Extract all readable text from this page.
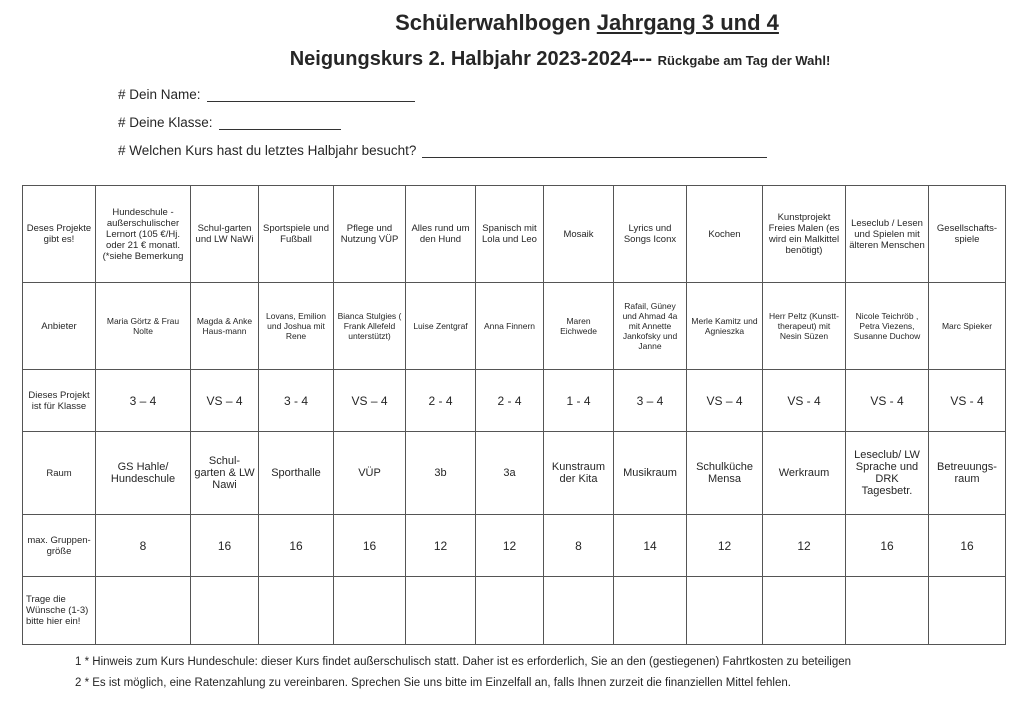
Schülerwahlbogen Jahrgang 3 und 4
Neigungskurs 2. Halbjahr 2023-2024--- Rückgabe am Tag der Wahl!
# Dein Name:
# Deine Klasse:
# Welchen Kurs hast du letztes Halbjahr besucht?
Deses Projekte gibt es!	Hundeschule - außerschulischer Lernort (105 €/Hj. oder 21 € monatl. (*siehe Bemerkung	Schul-garten und LW NaWi	Sportspiele und Fußball	Pflege und Nutzung VÜP	Alles rund um den Hund	Spanisch mit Lola und Leo	Mosaik	Lyrics und Songs Iconx	Kochen	Kunstprojekt Freies Malen (es wird ein Malkittel benötigt)	Leseclub / Lesen und Spielen mit älteren Menschen	Gesellschafts-spiele
Anbieter	Maria Görtz & Frau Nolte	Magda & Anke Haus-mann	Lovans, Emilion und Joshua mit Rene	Bianca Stulgies ( Frank Allefeld unterstützt)	Luise Zentgraf	Anna Finnern	Maren Eichwede	Rafail, Güney und Ahmad 4a mit Annette Jankofsky und Janne	Merle Kamitz und Agnieszka	Herr Peltz (Kunstt- therapeut) mit Nesin Süzen	Nicole Teichröb , Petra Viezens, Susanne Duchow	Marc Spieker
Dieses Projekt ist für Klasse	3 – 4	VS – 4	3 - 4	VS – 4	2 - 4	2 - 4	1 - 4	3 – 4	VS – 4	VS - 4	VS - 4	VS - 4
Raum	GS Hahle/ Hundeschule	Schul-garten & LW Nawi	Sporthalle	VÜP	3b	3a	Kunstraum der Kita	Musikraum	Schulküche Mensa	Werkraum	Leseclub/ LW Sprache und DRK Tagesbetr.	Betreuungs-raum
max. Gruppen-größe	8	16	16	16	12	12	8	14	12	12	16	16
Trage die Wünsche (1-3) bitte hier ein!												

1 * Hinweis zum Kurs Hundeschule: dieser Kurs findet außerschulisch statt. Daher ist es erforderlich, Sie an den (gestiegenen) Fahrtkosten zu beteiligen

2 * Es ist möglich, eine Ratenzahlung zu vereinbaren. Sprechen Sie uns bitte im Einzelfall an, falls Ihnen zurzeit die finanziellen Mittel fehlen.
